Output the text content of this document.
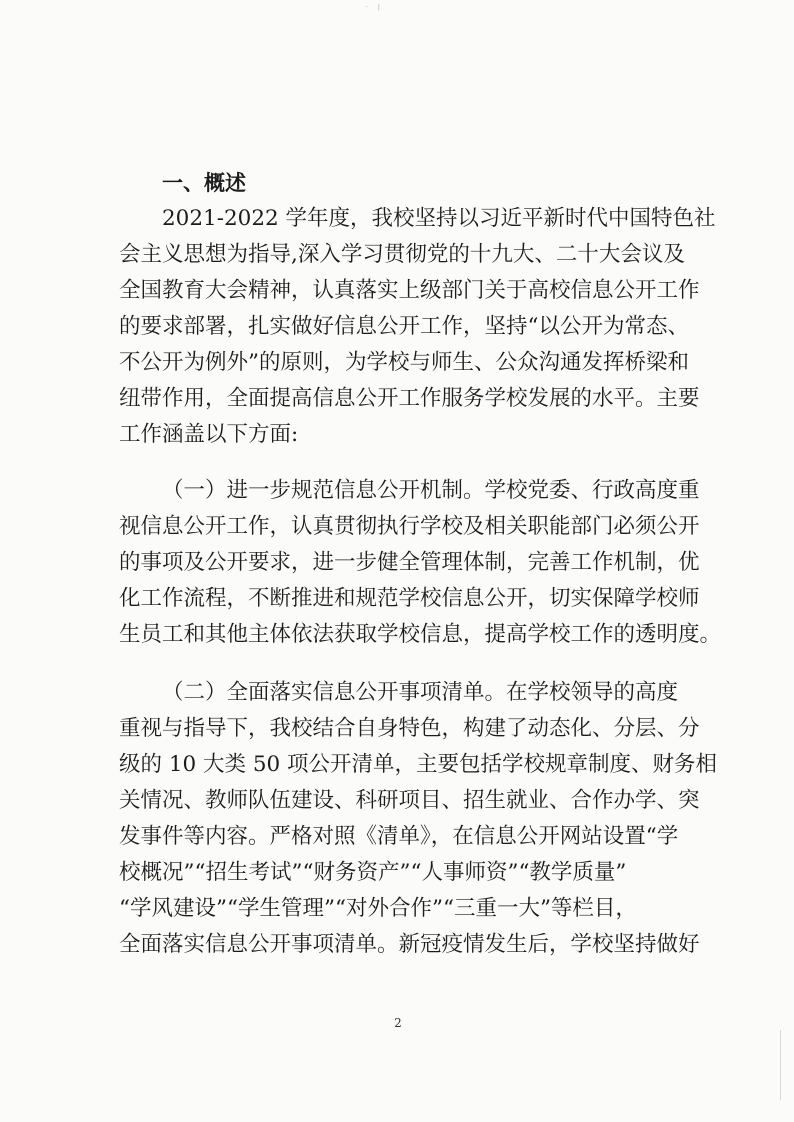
· |
一、概述
2021-2022 学年度，我校坚持以习近平新时代中国特色社
会主义思想为指导,深入学习贯彻党的十九大、二十大会议及
全国教育大会精神，认真落实上级部门关于高校信息公开工作
的要求部署，扎实做好信息公开工作，坚持“以公开为常态、
不公开为例外”的原则，为学校与师生、公众沟通发挥桥梁和
纽带作用，全面提高信息公开工作服务学校发展的水平。主要
工作涵盖以下方面:
（一）进一步规范信息公开机制。学校党委、行政高度重
视信息公开工作，认真贯彻执行学校及相关职能部门必须公开
的事项及公开要求，进一步健全管理体制，完善工作机制，优
化工作流程，不断推进和规范学校信息公开，切实保障学校师
生员工和其他主体依法获取学校信息，提高学校工作的透明度。
（二）全面落实信息公开事项清单。在学校领导的高度
重视与指导下，我校结合自身特色，构建了动态化、分层、分
级的 10 大类 50 项公开清单，主要包括学校规章制度、财务相
关情况、教师队伍建设、科研项目、招生就业、合作办学、突
发事件等内容。严格对照《清单》，在信息公开网站设置“学
校概况”“招生考试”“财务资产”“人事师资”“教学质量”
“学风建设”“学生管理”“对外合作”“三重一大”等栏目，
全面落实信息公开事项清单。新冠疫情发生后，学校坚持做好
2
